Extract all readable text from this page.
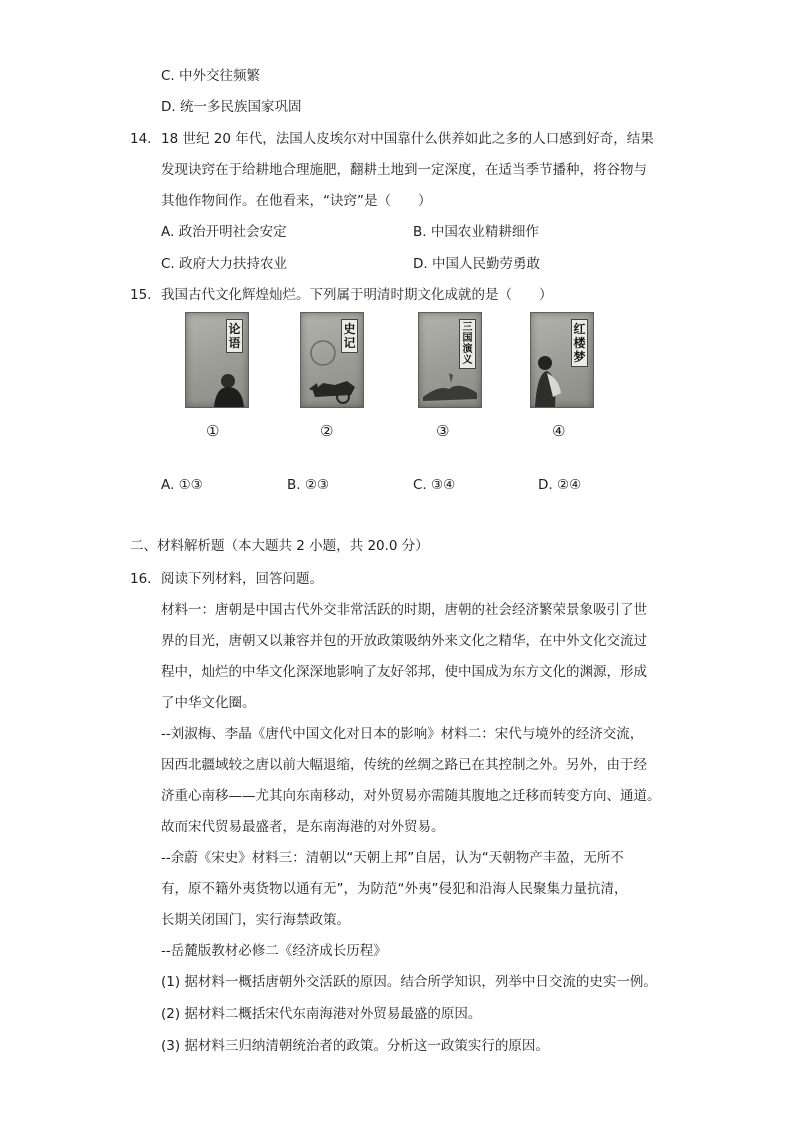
C. 中外交往频繁
D. 统一多民族国家巩固
14. 18 世纪 20 年代，法国人皮埃尔对中国靠什么供养如此之多的人口感到好奇，结果
发现诀窍在于给耕地合理施肥，翻耕土地到一定深度，在适当季节播种，将谷物与
其他作物间作。在他看来，“诀窍”是（　　）
A. 政治开明社会安定	B. 中国农业精耕细作
C. 政府大力扶持农业	D. 中国人民勤劳勇敢
15. 我国古代文化辉煌灿烂。下列属于明清时期文化成就的是（　　）
论语
史记
三国演义
红楼梦
①	②	③	④
A. ①③	B. ②③	C. ③④	D. ②④
二、材料解析题（本大题共 2 小题，共 20.0 分）
16. 阅读下列材料，回答问题。
材料一：唐朝是中国古代外交非常活跃的时期，唐朝的社会经济繁荣景象吸引了世
界的目光，唐朝又以兼容并包的开放政策吸纳外来文化之精华，在中外文化交流过
程中，灿烂的中华文化深深地影响了友好邻邦，使中国成为东方文化的渊源，形成
了中华文化圈。
--刘淑梅、李晶《唐代中国文化对日本的影响》材料二：宋代与境外的经济交流，
因西北疆域较之唐以前大幅退缩，传统的丝绸之路已在其控制之外。另外，由于经
济重心南移——尤其向东南移动，对外贸易亦需随其腹地之迁移而转变方向、通道。
故而宋代贸易最盛者，是东南海港的对外贸易。
--余蔚《宋史》材料三：清朝以“天朝上邦”自居，认为“天朝物产丰盈，无所不
有，原不籍外夷货物以通有无”，为防范“外夷”侵犯和沿海人民聚集力量抗清，
长期关闭国门，实行海禁政策。
--岳麓版教材必修二《经济成长历程》
(1) 据材料一概括唐朝外交活跃的原因。结合所学知识，列举中日交流的史实一例。
(2) 据材料二概括宋代东南海港对外贸易最盛的原因。
(3) 据材料三归纳清朝统治者的政策。分析这一政策实行的原因。
